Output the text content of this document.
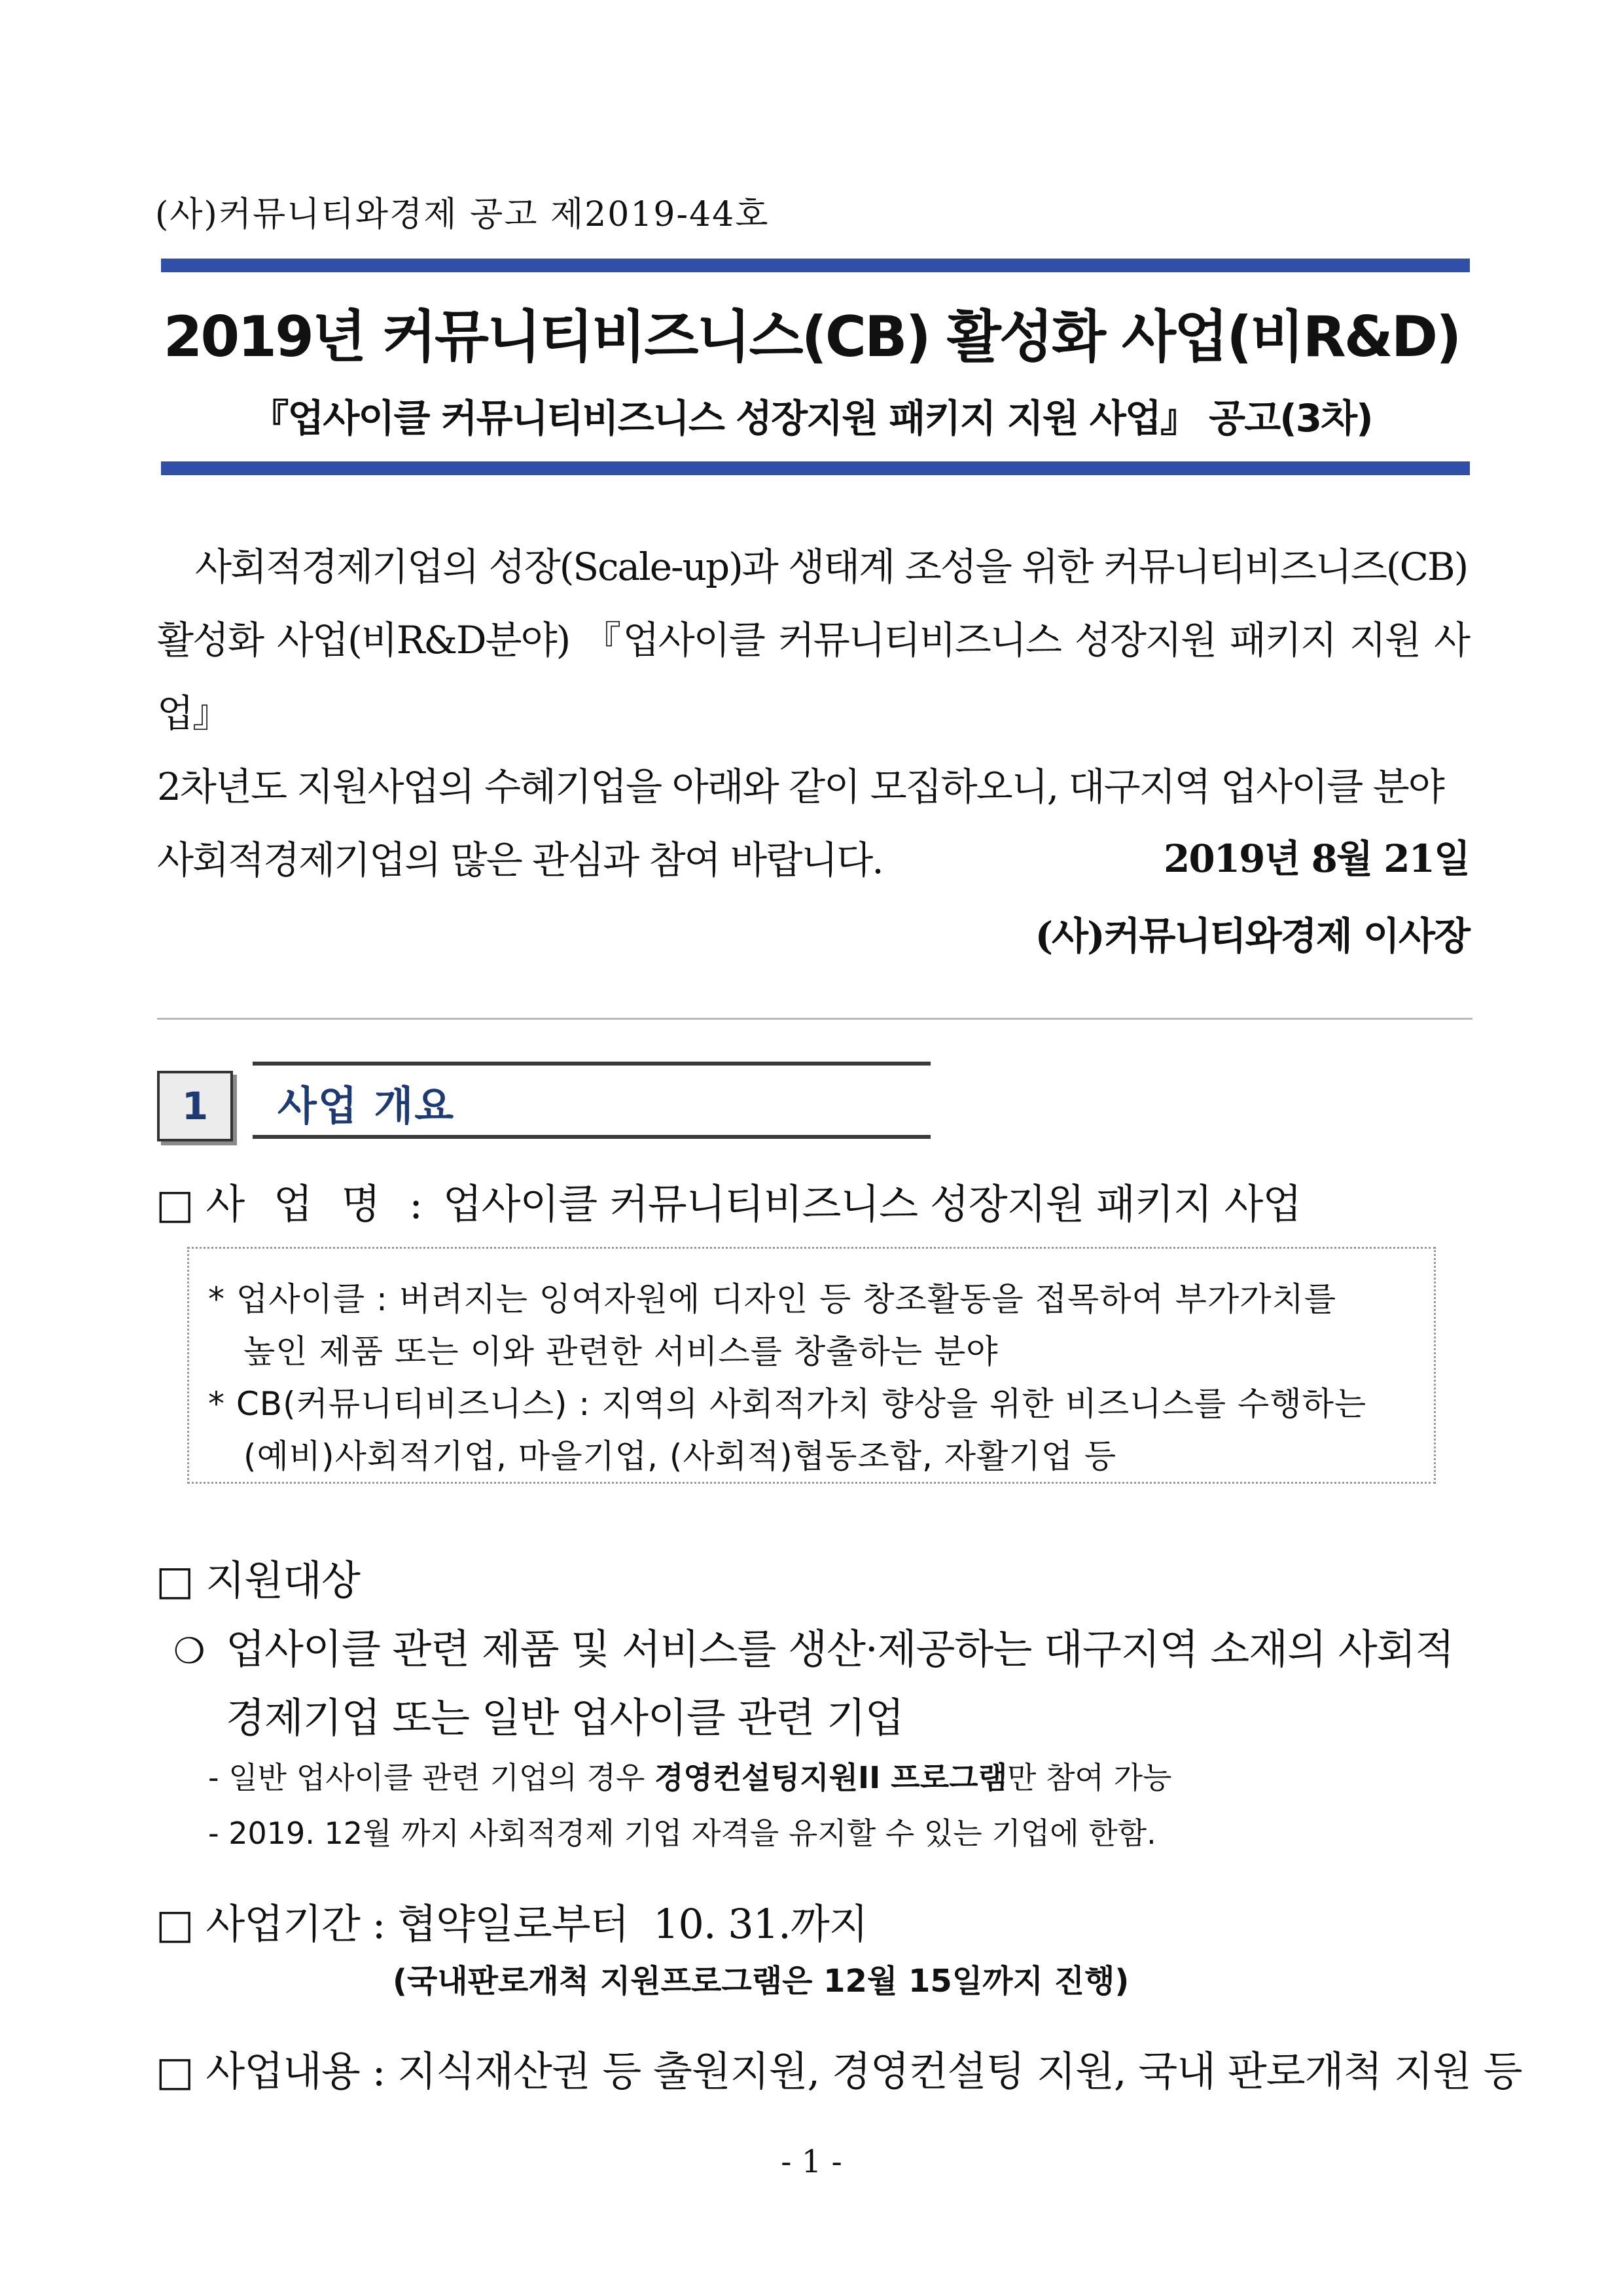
(사)커뮤니티와경제 공고 제2019-44호
2019년 커뮤니티비즈니스(CB) 활성화 사업(비R&D)
『업사이클 커뮤니티비즈니스 성장지원 패키지 지원 사업』 공고(3차)

사회적경제기업의 성장(Scale-up)과 생태계 조성을 위한 커뮤니티비즈니즈(CB)

활성화 사업(비R&D분야) 『업사이클 커뮤니티비즈니스 성장지원 패키지 지원 사업』

2차년도 지원사업의 수혜기업을 아래와 같이 모집하오니, 대구지역 업사이클 분야

사회적경제기업의 많은 관심과 참여 바랍니다.	2019년 8월 21일
(사)커뮤니티와경제 이사장
1	사업 개요
□ 사 업 명 : 업사이클 커뮤니티비즈니스 성장지원 패키지 사업
* 업사이클 : 버려지는 잉여자원에 디자인 등 창조활동을 접목하여 부가가치를
높인 제품 또는 이와 관련한 서비스를 창출하는 분야
* CB(커뮤니티비즈니스) : 지역의 사회적가치 향상을 위한 비즈니스를 수행하는
(예비)사회적기업, 마을기업, (사회적)협동조합, 자활기업 등
□ 지원대상
❍ 업사이클 관련 제품 및 서비스를 생산·제공하는 대구지역 소재의 사회적
경제기업 또는 일반 업사이클 관련 기업
- 일반 업사이클 관련 기업의 경우 경영컨설팅지원II 프로그램만 참여 가능
- 2019. 12월 까지 사회적경제 기업 자격을 유지할 수 있는 기업에 한함.
□ 사업기간 : 협약일로부터  10. 31.까지
(국내판로개척 지원프로그램은 12월 15일까지 진행)
□ 사업내용 : 지식재산권 등 출원지원, 경영컨설팅 지원, 국내 판로개척 지원 등
- 1 -
